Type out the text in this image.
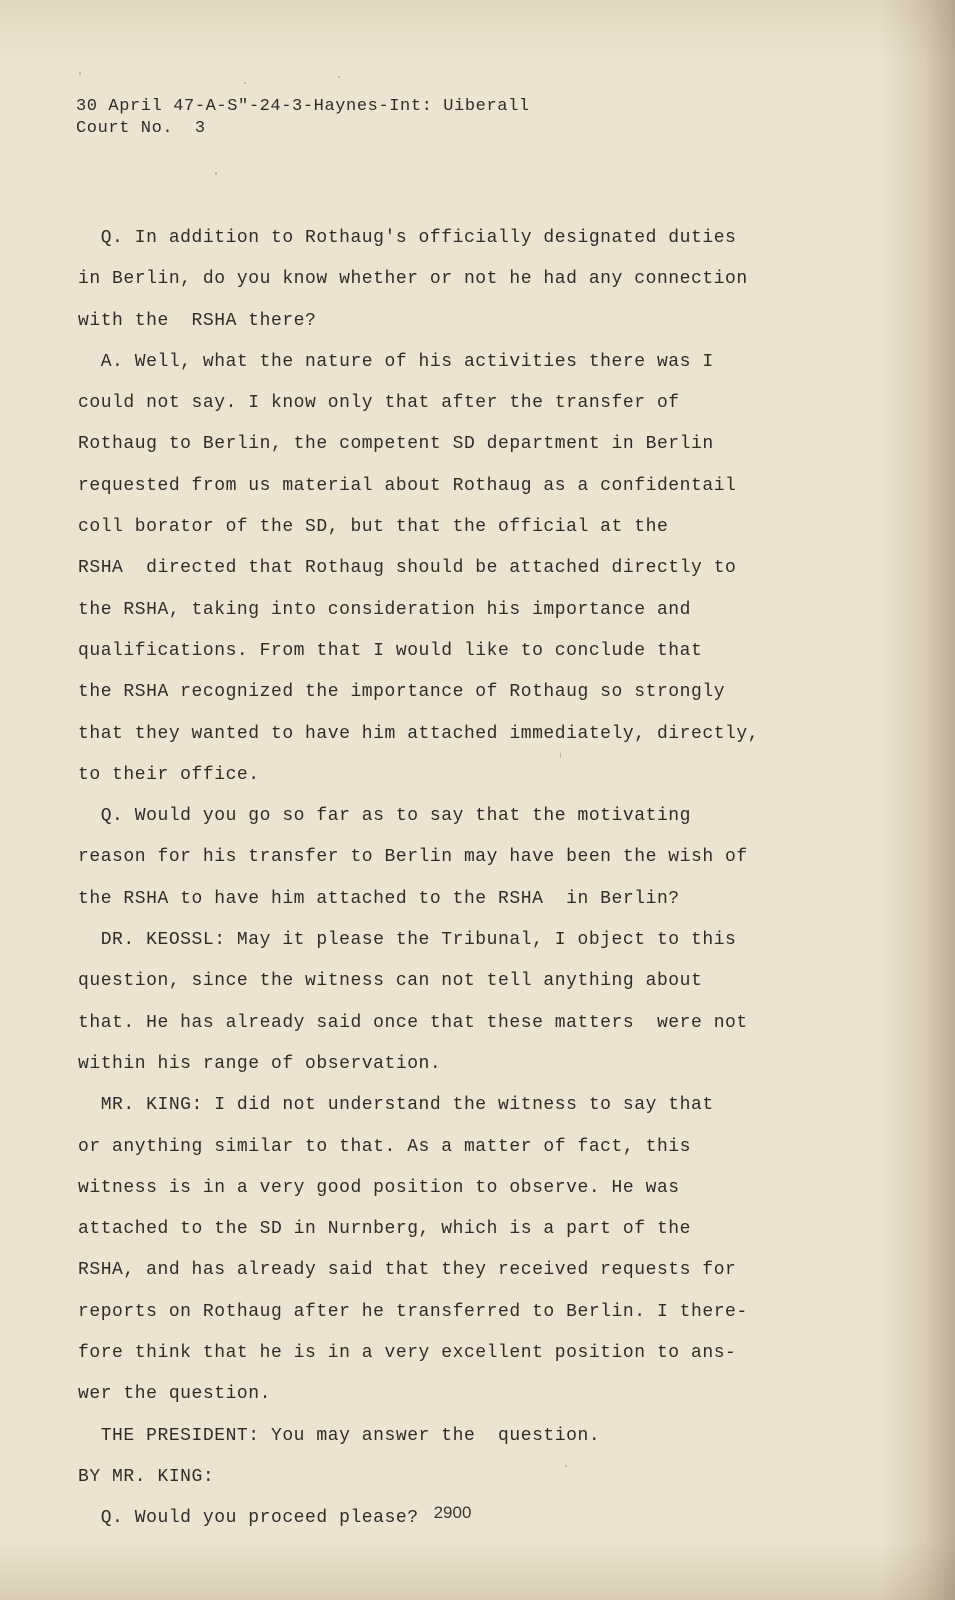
30 April 47-A-S"-24-3-Haynes-Int: Uiberall
Court No.  3
Q. In addition to Rothaug's officially designated duties
in Berlin, do you know whether or not he had any connection
with the  RSHA there?
A. Well, what the nature of his activities there was I
could not say. I know only that after the transfer of
Rothaug to Berlin, the competent SD department in Berlin
requested from us material about Rothaug as a confidentail
coll borator of the SD, but that the official at the
RSHA  directed that Rothaug should be attached directly to
the RSHA, taking into consideration his importance and
qualifications. From that I would like to conclude that
the RSHA recognized the importance of Rothaug so strongly
that they wanted to have him attached immediately, directly,
to their office.
Q. Would you go so far as to say that the motivating
reason for his transfer to Berlin may have been the wish of
the RSHA to have him attached to the RSHA  in Berlin?
DR. KEOSSL: May it please the Tribunal, I object to this
question, since the witness can not tell anything about
that. He has already said once that these matters  were not
within his range of observation.
MR. KING: I did not understand the witness to say that
or anything similar to that. As a matter of fact, this
witness is in a very good position to observe. He was
attached to the SD in Nurnberg, which is a part of the
RSHA, and has already said that they received requests for
reports on Rothaug after he transferred to Berlin. I there-
fore think that he is in a very excellent position to ans-
wer the question.
THE PRESIDENT: You may answer the  question.
BY MR. KING:
Q. Would you proceed please? 2900
